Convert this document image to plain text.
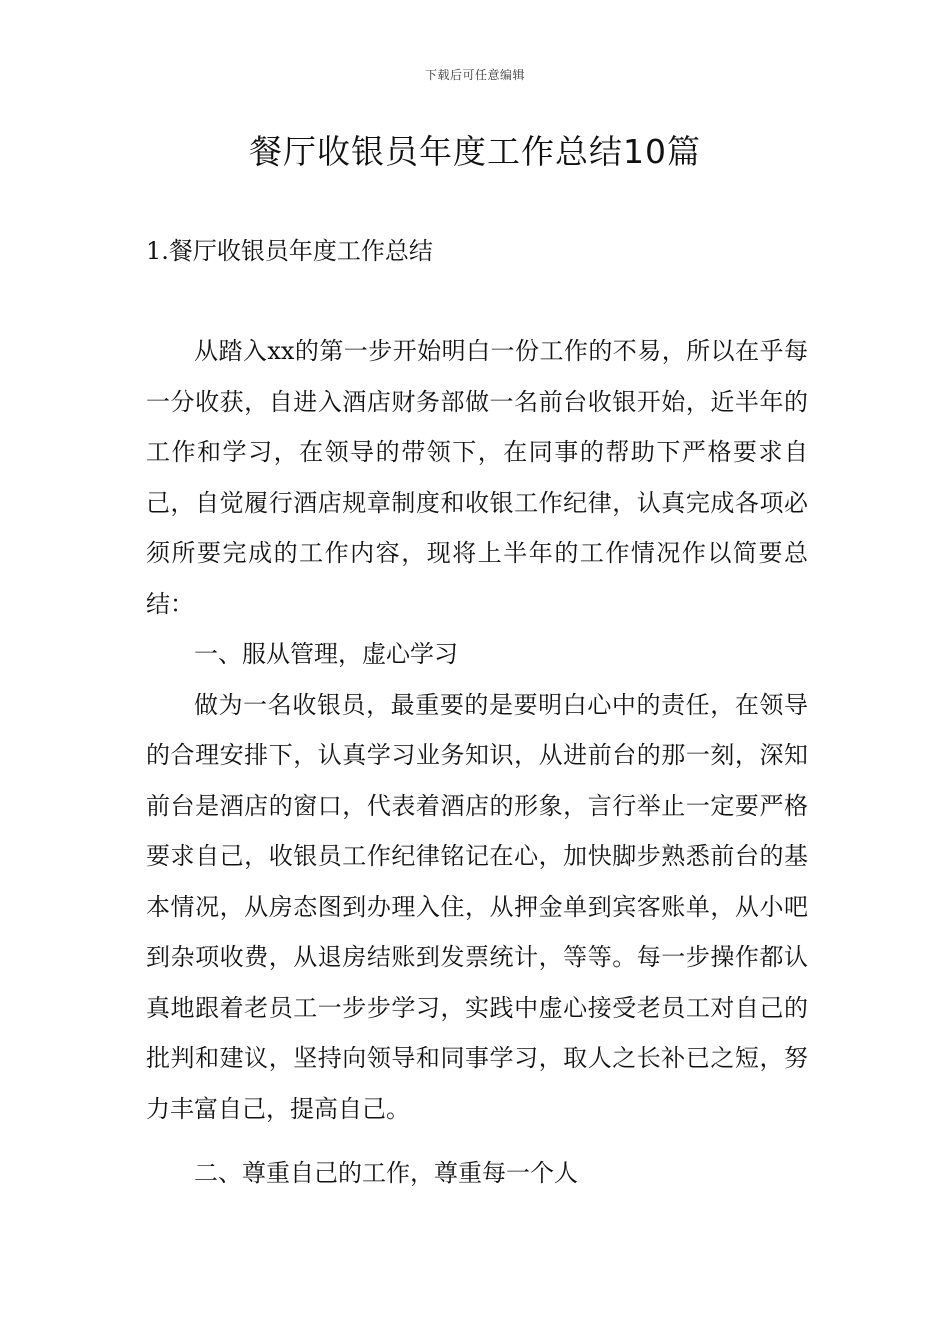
下载后可任意编辑
餐厅收银员年度工作总结10篇
1.餐厅收银员年度工作总结

从踏入xx的第一步开始明白一份工作的不易，所以在乎每一分收获，自进入酒店财务部做一名前台收银开始，近半年的工作和学习，在领导的带领下，在同事的帮助下严格要求自己，自觉履行酒店规章制度和收银工作纪律，认真完成各项必须所要完成的工作内容，现将上半年的工作情况作以简要总结：

一、服从管理，虚心学习

做为一名收银员，最重要的是要明白心中的责任，在领导的合理安排下，认真学习业务知识，从进前台的那一刻，深知前台是酒店的窗口，代表着酒店的形象，言行举止一定要严格要求自己，收银员工作纪律铭记在心，加快脚步熟悉前台的基本情况，从房态图到办理入住，从押金单到宾客账单，从小吧到杂项收费，从退房结账到发票统计，等等。每一步操作都认真地跟着老员工一步步学习，实践中虚心接受老员工对自己的批判和建议，坚持向领导和同事学习，取人之长补已之短，努力丰富自己，提高自己。

二、尊重自己的工作，尊重每一个人
